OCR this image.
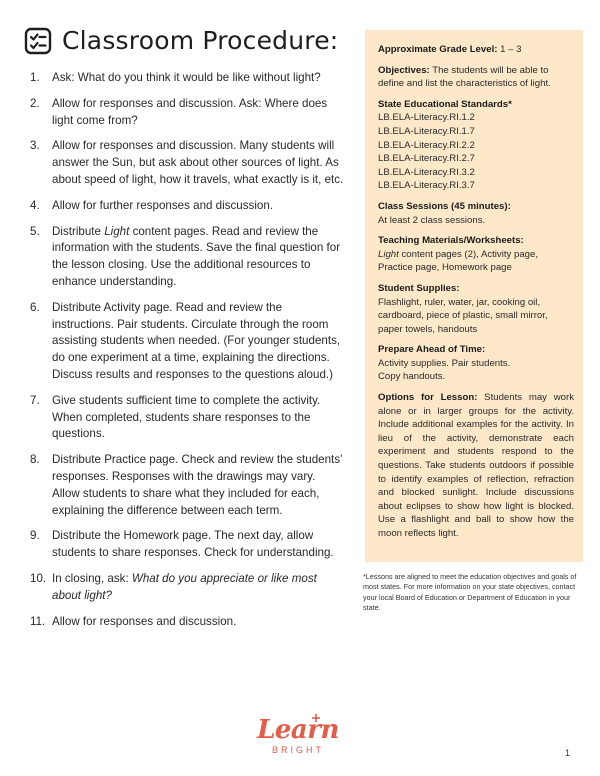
Classroom Procedure:
1.	Ask: What do you think it would be like without light?
2.	Allow for responses and discussion. Ask: Where does light come from?
3.	Allow for responses and discussion. Many students will answer the Sun, but ask about other sources of light. As about speed of light, how it travels, what exactly is it, etc.
4.	Allow for further responses and discussion.
5.	Distribute Light content pages. Read and review the information with the students. Save the final question for the lesson closing. Use the additional resources to enhance understanding.
6.	Distribute Activity page. Read and review the instructions. Pair students. Circulate through the room assisting students when needed. (For younger students, do one experiment at a time, explaining the directions. Discuss results and responses to the questions aloud.)
7.	Give students sufficient time to complete the activity. When completed, students share responses to the questions.
8.	Distribute Practice page. Check and review the students’ responses. Responses with the drawings may vary. Allow students to share what they included for each, explaining the difference between each term.
9.	Distribute the Homework page. The next day, allow students to share responses. Check for understanding.
10. In closing, ask: What do you appreciate or like most about light?
11. Allow for responses and discussion.
Approximate Grade Level: 1 – 3
Objectives: The students will be able to define and list the characteristics of light.
State Educational Standards*
LB.ELA-Literacy.RI.1.2
LB.ELA-Literacy.RI.1.7
LB.ELA-Literacy.RI.2.2
LB.ELA-Literacy.RI.2.7
LB.ELA-Literacy.RI.3.2
LB.ELA-Literacy.RI.3.7
Class Sessions (45 minutes):
At least 2 class sessions.
Teaching Materials/Worksheets:
Light content pages (2), Activity page, Practice page, Homework page
Student Supplies:
Flashlight, ruler, water, jar, cooking oil, cardboard, piece of plastic, small mirror, paper towels, handouts
Prepare Ahead of Time:
Activity supplies. Pair students.
Copy handouts.
Options for Lesson: Students may work alone or in larger groups for the activity. Include additional examples for the activity. In lieu of the activity, demonstrate each experiment and students respond to the questions. Take students outdoors if possible to identify examples of reflection, refraction and blocked sunlight. Include discussions about eclipses to show how light is blocked. Use a flashlight and ball to show how the moon reflects light.
*Lessons are aligned to meet the education objectives and goals of most states. For more information on your state objectives, contact your local Board of Education or Department of Education in your state.
Learn
BRIGHT	1
